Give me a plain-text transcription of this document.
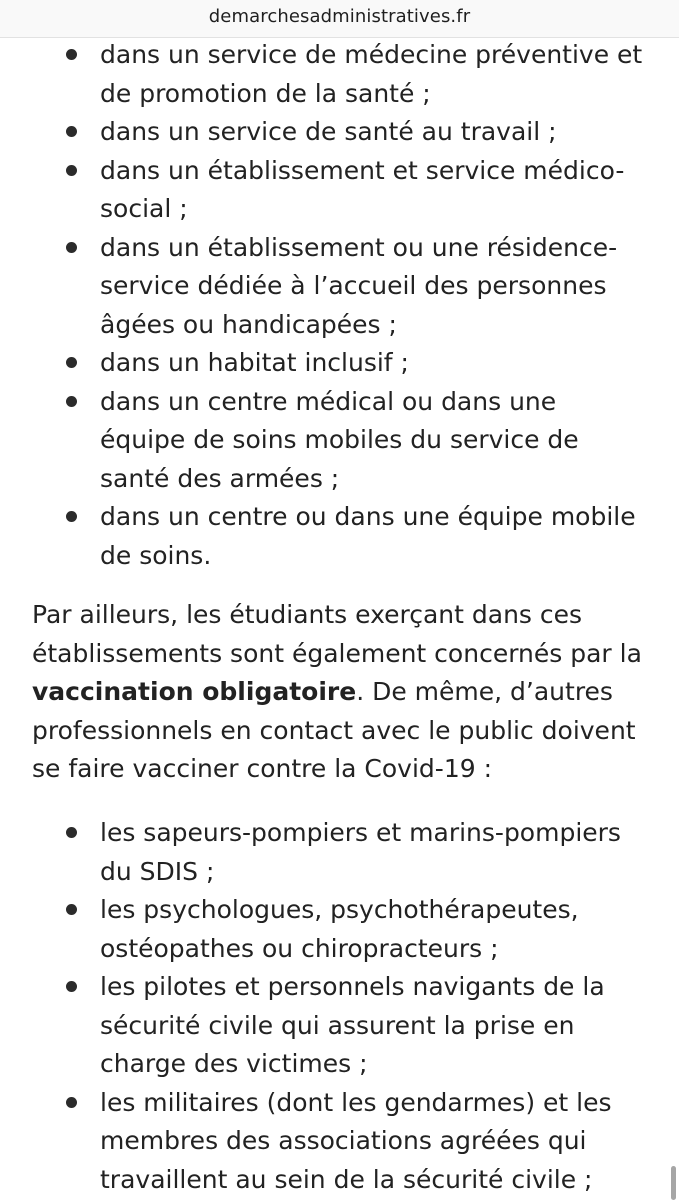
demarchesadministratives.fr
dans un service de médecine préventive et de promotion de la santé ;
dans un service de santé au travail ;
dans un établissement et service médico-social ;
dans un établissement ou une résidence-service dédiée à l’accueil des personnes âgées ou handicapées ;
dans un habitat inclusif ;
dans un centre médical ou dans une équipe de soins mobiles du service de santé des armées ;
dans un centre ou dans une équipe mobile de soins.

Par ailleurs, les étudiants exerçant dans ces établissements sont également concernés par la vaccination obligatoire. De même, d’autres professionnels en contact avec le public doivent se faire vacciner contre la Covid-19 :

les sapeurs-pompiers et marins-pompiers du SDIS ;
les psychologues, psychothérapeutes, ostéopathes ou chiropracteurs ;
les pilotes et personnels navigants de la sécurité civile qui assurent la prise en charge des victimes ;
les militaires (dont les gendarmes) et les membres des associations agréées qui travaillent au sein de la sécurité civile ;
